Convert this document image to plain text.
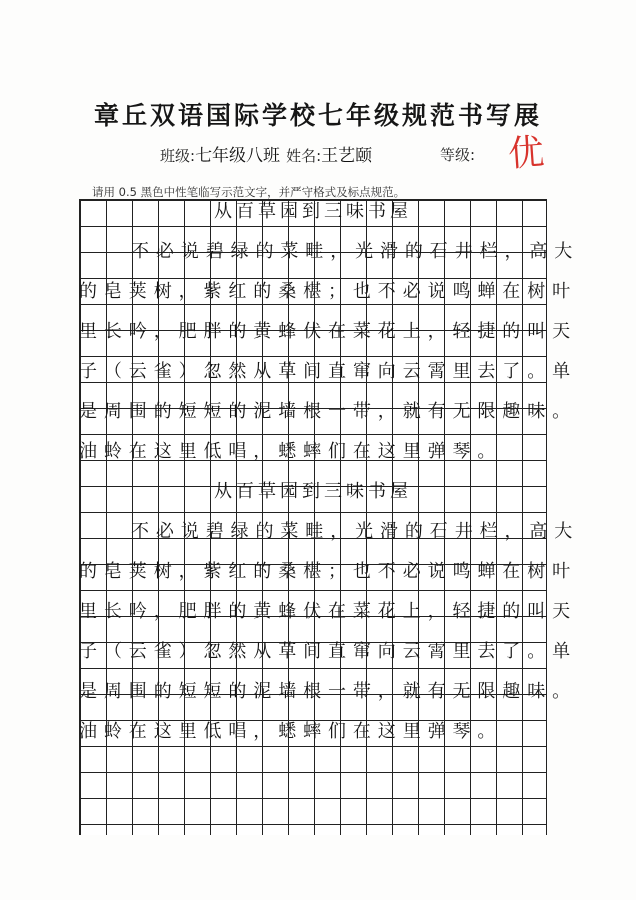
章丘双语国际学校七年级规范书写展
班级: 七年级八班 姓名: 王艺颐	等级: 优
请用 0.5 黑色中性笔临写示范文字，并严守格式及标点规范。
从百草园到三味书屋
不必说碧绿的菜畦，光滑的石井栏，高大
的皂荚树，紫红的桑椹；也不必说鸣蝉在树叶
里长吟，肥胖的黄蜂伏在菜花上，轻捷的叫天
子（云雀）忽然从草间直窜向云霄里去了。单
是周围的短短的泥墙根一带，就有无限趣味。
油蛉在这里低唱，蟋蟀们在这里弹琴。
从百草园到三味书屋
不必说碧绿的菜畦，光滑的石井栏，高大
的皂荚树，紫红的桑椹；也不必说鸣蝉在树叶
里长吟，肥胖的黄蜂伏在菜花上，轻捷的叫天
子（云雀）忽然从草间直窜向云霄里去了。单
是周围的短短的泥墙根一带，就有无限趣味。
油蛉在这里低唱，蟋蟀们在这里弹琴。
